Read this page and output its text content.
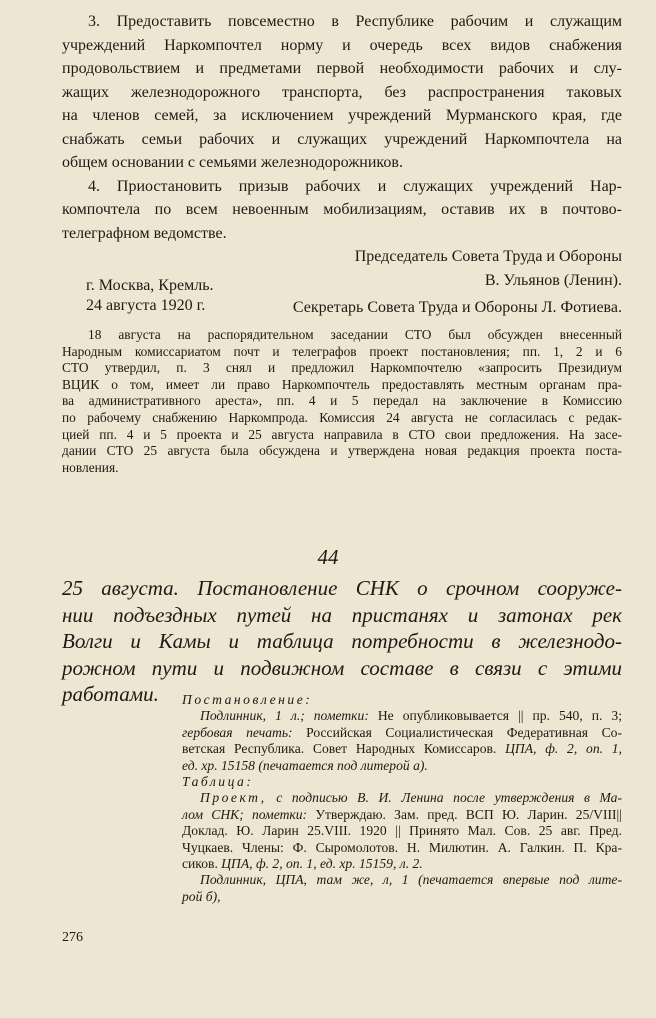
3. Предоставить повсеместно в Республике рабочим и служащим
учреждений Наркомпочтел норму и очередь всех видов снабжения
продовольствием и предметами первой необходимости рабочих и слу-
жащих железнодорожного транспорта, без распространения таковых
на членов семей, за исключением учреждений Мурманского края, где
снабжать семьи рабочих и служащих учреждений Наркомпочтела на
общем основании с семьями железнодорожников.
4. Приостановить призыв рабочих и служащих учреждений Нар-
компочтела по всем невоенным мобилизациям, оставив их в почтово-
телеграфном ведомстве.
Председатель Совета Труда и Обороны
В. Ульянов (Ленин).
Секретарь Совета Труда и Обороны Л. Фотиева.
г. Москва, Кремль.
24 августа 1920 г.
18 августа на распорядительном заседании СТО был обсужден внесенный
Народным комиссариатом почт и телеграфов проект постановления; пп. 1, 2 и 6
СТО утвердил, п. 3 снял и предложил Наркомпочтелю «запросить Президиум
ВЦИК о том, имеет ли право Наркомпочтель предоставлять местным органам пра-
ва административного ареста», пп. 4 и 5 передал на заключение в Комиссию
по рабочему снабжению Наркомпрода. Комиссия 24 августа не согласилась с редак-
цией пп. 4 и 5 проекта и 25 августа направила в СТО свои предложения. На засе-
дании СТО 25 августа была обсуждена и утверждена новая редакция проекта поста-
новления.
44
25 августа. Постановление СНК о срочном сооруже-
нии подъездных путей на пристанях и затонах рек
Волги и Камы и таблица потребности в железнодо-
рожном пути и подвижном составе в связи с этими
работами.	Постановление:
Подлинник, 1 л.; пометки: Не опубликовывается || пр. 540, п. 3;
гербовая печать: Российская Социалистическая Федеративная Со-
ветская Республика. Совет Народных Комиссаров. ЦПА, ф. 2, оп. 1,
ед. хр. 15158 (печатается под литерой а).
Таблица:
Проект, с подписью В. И. Ленина после утверждения в Ма-
лом СНК; пометки: Утверждаю. Зам. пред. ВСП Ю. Ларин. 25/VIII||
Доклад. Ю. Ларин 25.VIII. 1920 || Принято Мал. Сов. 25 авг. Пред.
Чуцкаев. Члены: Ф. Сыромолотов. Н. Милютин. А. Галкин. П. Кра-
сиков. ЦПА, ф. 2, оп. 1, ед. хр. 15159, л. 2.
Подлинник, ЦПА, там же, л, 1 (печатается впервые под лите-
рой б),
276
